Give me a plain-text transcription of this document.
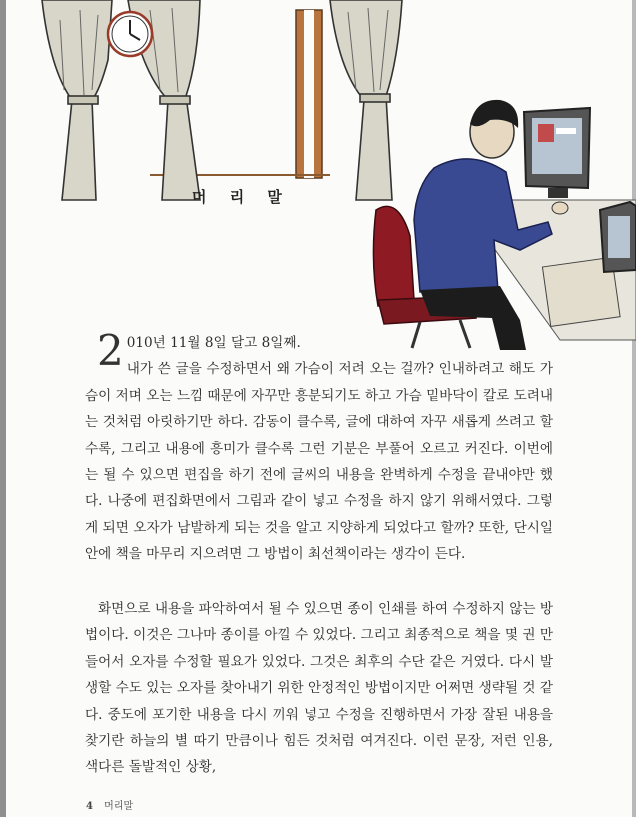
머 리 말
2 010년 11월 8일 달고 8일째.
내가 쓴 글을 수정하면서 왜 가슴이 저려 오는 걸까? 인내하려고 해도 가슴이 저며 오는 느낌 때문에 자꾸만 흥분되기도 하고 가슴 밑바닥이 칼로 도려내는 것처럼 아릿하기만 하다. 감동이 클수록, 글에 대하여 자꾸 새롭게 쓰려고 할수록, 그리고 내용에 흥미가 클수록 그런 기분은 부풀어 오르고 커진다. 이번에는 될 수 있으면 편집을 하기 전에 글씨의 내용을 완벽하게 수정을 끝내야만 했다. 나중에 편집화면에서 그림과 같이 넣고 수정을 하지 않기 위해서였다. 그렇게 되면 오자가 남발하게 되는 것을 알고 지양하게 되었다고 할까? 또한, 단시일 안에 책을 마무리 지으려면 그 방법이 최선책이라는 생각이 든다.
화면으로 내용을 파악하여서 될 수 있으면 종이 인쇄를 하여 수정하지 않는 방법이다. 이것은 그나마 종이를 아낄 수 있었다. 그리고 최종적으로 책을 몇 권 만들어서 오자를 수정할 필요가 있었다. 그것은 최후의 수단 같은 거였다. 다시 발생할 수도 있는 오자를 찾아내기 위한 안정적인 방법이지만 어쩌면 생략될 것 같다. 중도에 포기한 내용을 다시 끼워 넣고 수정을 진행하면서 가장 잘된 내용을 찾기란 하늘의 별 따기 만큼이나 힘든 것처럼 여겨진다. 이런 문장, 저런 인용, 색다른 돌발적인 상황,
4 머리말
